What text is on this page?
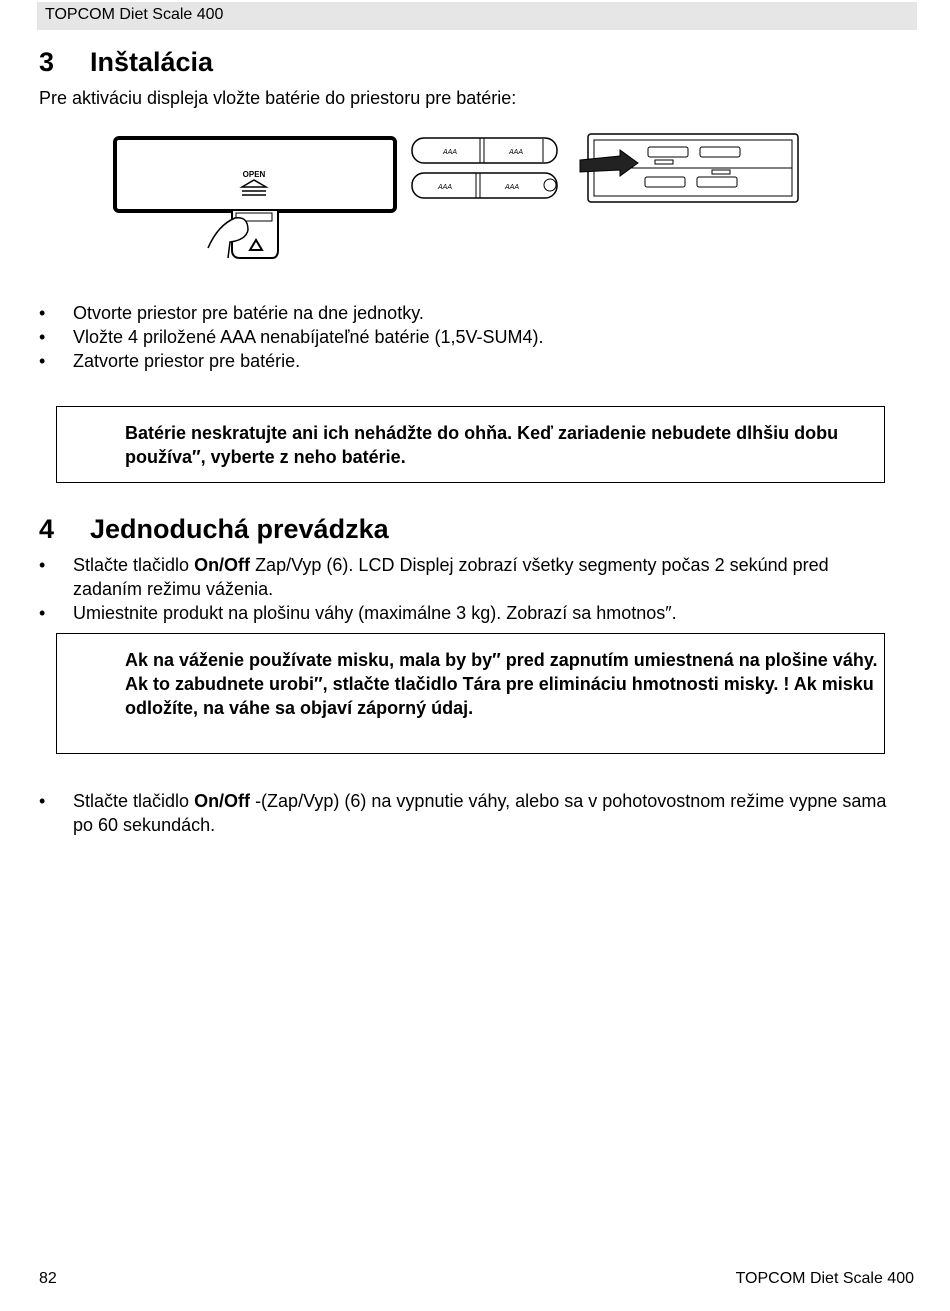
TOPCOM Diet Scale 400
3 Inštalácia

Pre aktiváciu displeja vložte batérie do priestoru pre batérie:

OPEN
AAA	AAA
AAA	AAA
• Otvorte priestor pre batérie na dne jednotky.
• Vložte 4 priložené AAA nenabíjateľné batérie (1,5V-SUM4).
• Zatvorte priestor pre batérie.

Batérie neskratujte ani ich nehádžte do ohňa. Keď zariadenie nebudete dlhšiu dobu používa″, vyberte z neho batérie.

4 Jednoduchá prevádzka
• Stlačte tlačidlo On/Off Zap/Vyp (6). LCD Displej zobrazí všetky segmenty počas 2 sekúnd pred zadaním režimu váženia.
• Umiestnite produkt na plošinu váhy (maximálne 3 kg). Zobrazí sa hmotnos″.

Ak na váženie používate misku, mala by by″ pred zapnutím umiestnená na plošine váhy. Ak to zabudnete urobi″, stlačte tlačidlo Tára pre elimináciu hmotnosti misky. ! Ak misku odložíte, na váhe sa objaví záporný údaj.

• Stlačte tlačidlo On/Off -(Zap/Vyp) (6) na vypnutie váhy, alebo sa v pohotovostnom režime vypne sama po 60 sekundách.
82	TOPCOM Diet Scale 400
